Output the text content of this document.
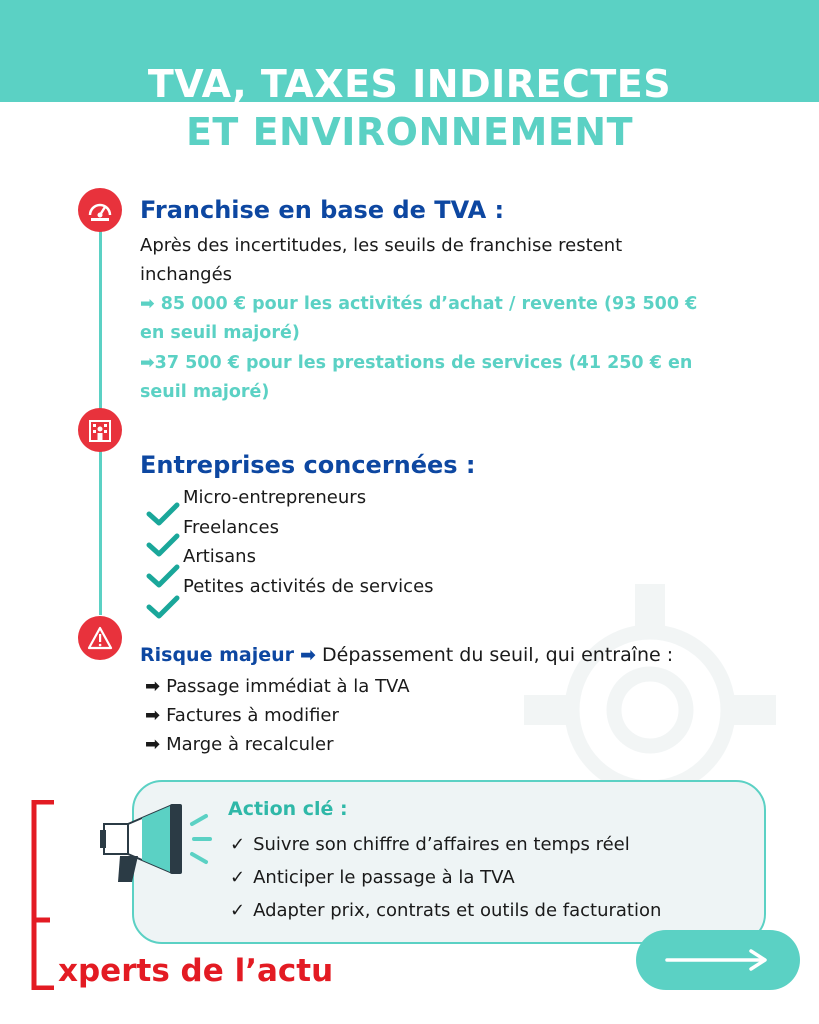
TVA, TAXES INDIRECTES
ET ENVIRONNEMENT
Franchise en base de TVA :
Après des incertitudes, les seuils de franchise restent
inchangés
➡ 85 000 € pour les activités d’achat / revente (93 500 €
en seuil majoré)
➡37 500 € pour les prestations de services (41 250 € en
seuil majoré)
Entreprises concernées :
Micro-entrepreneurs
Freelances
Artisans
Petites activités de services
Risque majeur ➡ Dépassement du seuil, qui entraîne :
➡ Passage immédiat à la TVA
➡ Factures à modifier
➡ Marge à recalculer
Action clé :
✓ Suivre son chiffre d’affaires en temps réel
✓ Anticiper le passage à la TVA
✓ Adapter prix, contrats et outils de facturation
xperts de l’actu
